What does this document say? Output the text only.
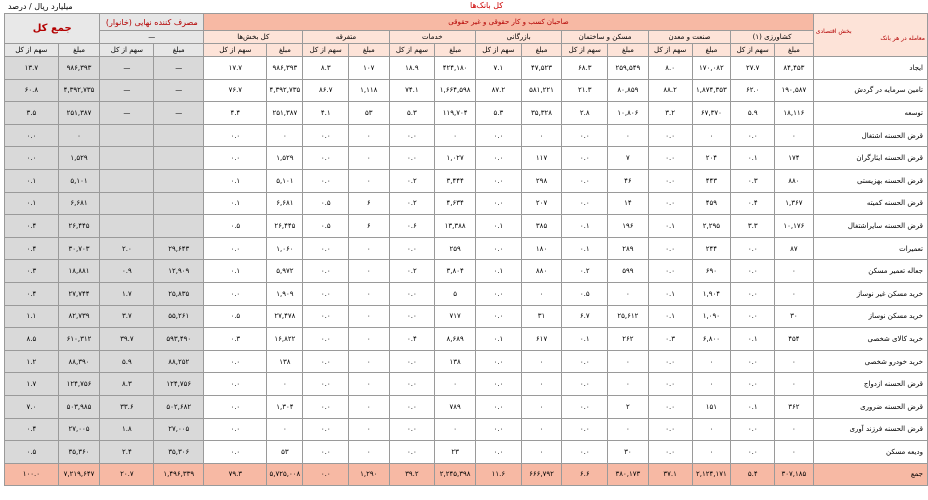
کل بانک‌ها
میلیارد ریال / درصد
بخش اقتصادی
معامله در هر بانک	صاحبان کسب و کار حقوقی و غیر حقوقی														مصرف کننده نهایی (خانوار)		جمع کل	
	کشاورزی (۱)		صنعت و معدن		مسکن و ساختمان		بازرگانی		خدمات		متفرقه		کل بخش‌ها		—			
	مبلغ	سهم از کل	مبلغ	سهم از کل	مبلغ	سهم از کل	مبلغ	سهم از کل	مبلغ	سهم از کل	مبلغ	سهم از کل	مبلغ	سهم از کل	مبلغ	سهم از کل	مبلغ	سهم از کل
ایجاد	۸۴,۴۵۳	۲۷.۷	۱۷۰,۰۸۲	۸.۰	۲۵۹,۵۴۹	۶۸.۳	۴۷,۵۲۳	۷.۱	۴۲۴,۱۸۰	۱۸.۹	۱۰۷	۸.۳	۹۸۶,۳۹۳	۱۷.۷	—	—	۹۸۶,۳۹۳	۱۳.۷
تامین سرمایه در گردش	۱۹۰,۵۸۷	۶۲.۰	۱,۸۷۴,۳۵۳	۸۸.۲	۸۰,۸۵۹	۲۱.۳	۵۸۱,۲۲۱	۸۷.۲	۱,۶۶۴,۵۹۸	۷۴.۱	۱,۱۱۸	۸۶.۷	۴,۳۹۲,۷۳۵	۷۶.۷	—	—	۴,۳۹۲,۷۳۵	۶۰.۸
توسعه	۱۸,۱۱۶	۵.۹	۶۷,۳۷۰	۳.۲	۱۰,۸۰۶	۲.۸	۳۵,۳۲۸	۵.۳	۱۱۹,۷۰۴	۵.۳	۵۳	۴.۱	۲۵۱,۳۸۷	۴.۴	—	—	۲۵۱,۳۸۷	۳.۵
قرض الحسنه اشتغال	۰	۰.۰	۰	۰.۰	۰	۰.۰	۰	۰.۰	۰	۰.۰	۰	۰.۰	۰	۰.۰			۰	۰.۰
قرض الحسنه ایثارگران	۱۷۴	۰.۱	۲۰۴	۰.۰	۷	۰.۰	۱۱۷	۰.۰	۱,۰۲۷	۰.۰	۰	۰.۰	۱,۵۲۹	۰.۰			۱,۵۲۹	۰.۰
قرض الحسنه بهزیستی	۸۸۰	۰.۳	۴۴۳	۰.۰	۴۶	۰.۰	۲۹۸	۰.۰	۳,۴۴۴	۰.۲	۰	۰.۰	۵,۱۰۱	۰.۱			۵,۱۰۱	۰.۱
قرض الحسنه کمیته	۱,۳۶۷	۰.۴	۴۵۹	۰.۰	۱۴	۰.۰	۲۰۷	۰.۰	۴,۶۳۴	۰.۲	۶	۰.۵	۶,۶۸۱	۰.۱			۶,۶۸۱	۰.۱
قرض الحسنه سایراشتغال	۱۰,۱۷۶	۳.۳	۲,۲۹۵	۰.۱	۱۹۶	۰.۱	۳۸۵	۰.۱	۱۳,۳۸۸	۰.۶	۶	۰.۵	۲۶,۴۴۵	۰.۵			۲۶,۴۴۵	۰.۴
تعمیرات	۸۷	۰.۰	۲۴۴	۰.۰	۲۸۹	۰.۱	۱۸۰	۰.۰	۲۵۹	۰.۰	۰	۰.۰	۱,۰۶۰	۰.۰	۲۹,۶۴۳	۲.۰	۳۰,۷۰۳	۰.۴
جعاله تعمیر مسکن	۰	۰.۰	۶۹۰	۰.۰	۵۹۹	۰.۲	۸۸۰	۰.۱	۳,۸۰۴	۰.۲	۰	۰.۰	۵,۹۷۲	۰.۱	۱۲,۹۰۹	۰.۹	۱۸,۸۸۱	۰.۳
خرید مسکن غیر نوساز	۰	۰.۰	۱,۹۰۴	۰.۱	۰	۰.۵	۰	۰.۰	۵	۰.۰	۰	۰.۰	۱,۹۰۹	۰.۰	۲۵,۸۳۵	۱.۷	۲۷,۷۴۴	۰.۴
خرید مسکن نوساز	۳۰	۰.۰	۱,۰۹۰	۰.۱	۲۵,۶۱۲	۶.۷	۳۱	۰.۰	۷۱۷	۰.۰	۰	۰.۰	۲۷,۴۷۸	۰.۵	۵۵,۲۶۱	۳.۷	۸۲,۷۳۹	۱.۱
خرید کالای شخصی	۴۵۴	۰.۱	۶,۸۰۰	۰.۳	۲۶۲	۰.۱	۶۱۷	۰.۱	۸,۶۸۹	۰.۴	۰	۰.۰	۱۶,۸۲۲	۰.۳	۵۹۳,۴۹۰	۳۹.۷	۶۱۰,۳۱۲	۸.۵
خرید خودرو شخصی	۰	۰.۰	۰	۰.۰	۰	۰.۰	۰	۰.۰	۱۳۸	۰.۰	۰	۰.۰	۱۳۸	۰.۰	۸۸,۲۵۲	۵.۹	۸۸,۳۹۰	۱.۲
قرض الحسنه ازدواج	۰	۰.۰	۰	۰.۰	۰	۰.۰	۰	۰.۰	۰	۰.۰	۰	۰.۰	۰	۰.۰	۱۲۴,۷۵۶	۸.۳	۱۲۴,۷۵۶	۱.۷
قرض الحسنه ضروری	۳۶۲	۰.۱	۱۵۱	۰.۰	۲	۰.۰	۰	۰.۰	۷۸۹	۰.۰	۰	۰.۰	۱,۳۰۴	۰.۰	۵۰۲,۶۸۲	۳۳.۶	۵۰۳,۹۸۵	۷.۰
قرض الحسنه فرزند آوری	۰	۰.۰	۰	۰.۰	۰	۰.۰	۰	۰.۰	۰	۰.۰	۰	۰.۰	۰	۰.۰	۲۷,۰۰۵	۱.۸	۲۷,۰۰۵	۰.۴
ودیعه مسکن	۰	۰.۰	۰	۰.۰	۳۰	۰.۰	۰	۰.۰	۲۳	۰.۰	۰	۰.۰	۵۳	۰.۰	۳۵,۳۰۶	۲.۴	۳۵,۳۶۰	۰.۵
جمع	۳۰۷,۱۸۵	۵.۴	۲,۱۲۴,۱۷۱	۳۷.۱	۳۸۰,۱۷۳	۶.۶	۶۶۶,۷۹۲	۱۱.۶	۲,۲۴۵,۳۹۸	۳۹.۲	۱,۲۹۰	۰.۰	۵,۷۲۵,۰۰۸	۷۹.۳	۱,۴۹۶,۳۳۹	۲۰.۷	۷,۲۱۹,۶۴۷	۱۰۰.۰
